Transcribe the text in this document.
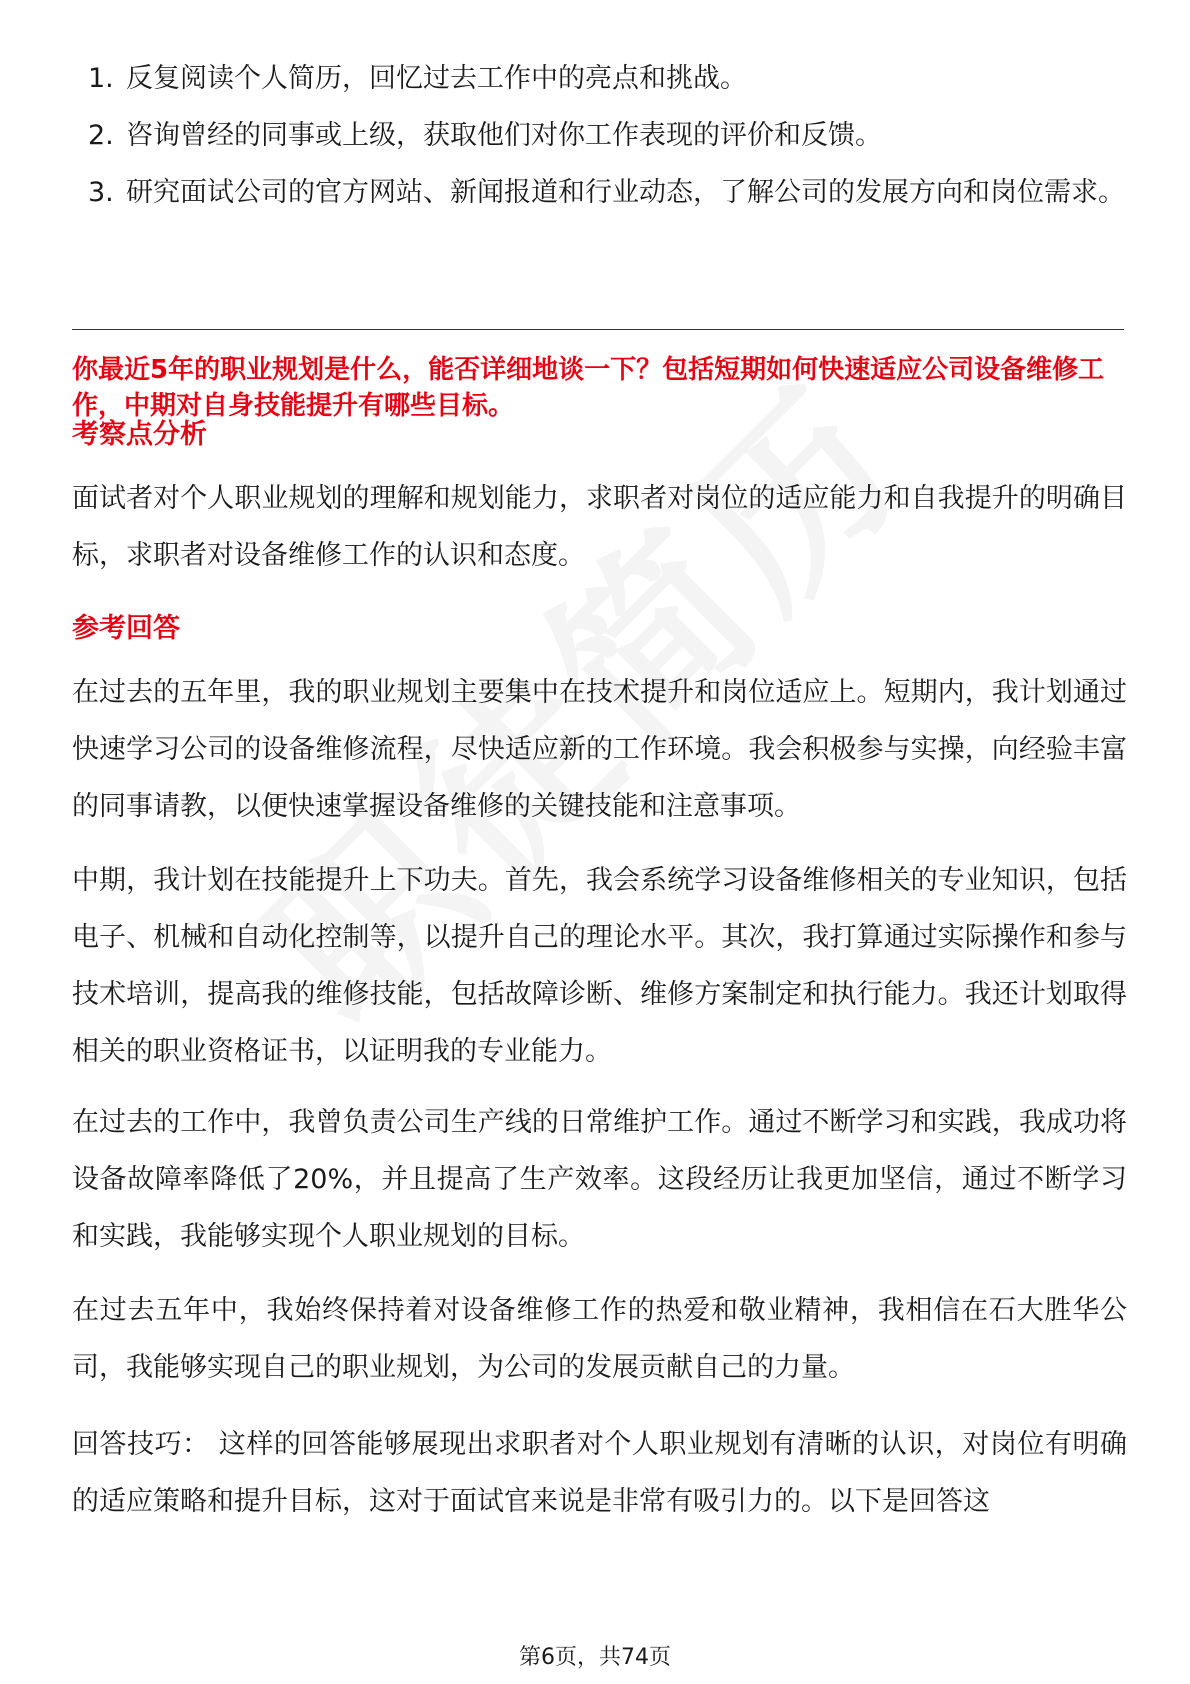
1. 反复阅读个人简历，回忆过去工作中的亮点和挑战。
2. 咨询曾经的同事或上级，获取他们对你工作表现的评价和反馈。
3. 研究面试公司的官方网站、新闻报道和行业动态，了解公司的发展方向和岗位需求。

你最近5年的职业规划是什么，能否详细地谈一下？包括短期如何快速适应公司设备维修工作，中期对自身技能提升有哪些目标。

考察点分析

面试者对个人职业规划的理解和规划能力，求职者对岗位的适应能力和自我提升的明确目标，求职者对设备维修工作的认识和态度。

参考回答

在过去的五年里，我的职业规划主要集中在技术提升和岗位适应上。短期内，我计划通过快速学习公司的设备维修流程，尽快适应新的工作环境。我会积极参与实操，向经验丰富的同事请教，以便快速掌握设备维修的关键技能和注意事项。

中期，我计划在技能提升上下功夫。首先，我会系统学习设备维修相关的专业知识，包括电子、机械和自动化控制等，以提升自己的理论水平。其次，我打算通过实际操作和参与技术培训，提高我的维修技能，包括故障诊断、维修方案制定和执行能力。我还计划取得相关的职业资格证书，以证明我的专业能力。

在过去的工作中，我曾负责公司生产线的日常维护工作。通过不断学习和实践，我成功将设备故障率降低了20%，并且提高了生产效率。这段经历让我更加坚信，通过不断学习和实践，我能够实现个人职业规划的目标。

在过去五年中，我始终保持着对设备维修工作的热爱和敬业精神，我相信在石大胜华公司，我能够实现自己的职业规划，为公司的发展贡献自己的力量。

回答技巧： 这样的回答能够展现出求职者对个人职业规划有清晰的认识，对岗位有明确的适应策略和提升目标，这对于面试官来说是非常有吸引力的。以下是回答这

第6页，共74页
